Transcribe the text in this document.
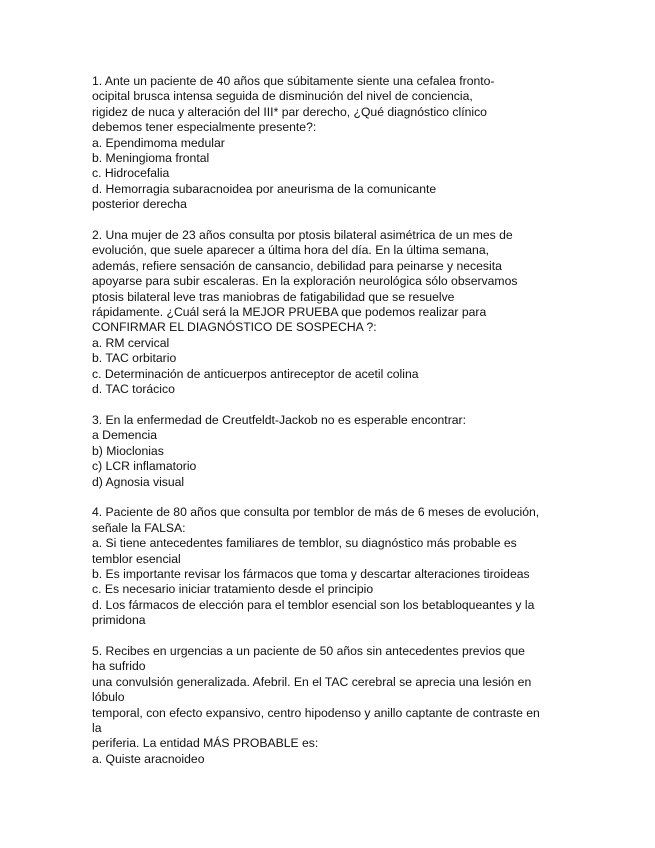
1. Ante un paciente de 40 años que súbitamente siente una cefalea fronto-
ocipital brusca intensa seguida de disminución del nivel de conciencia,
rigidez de nuca y alteración del III* par derecho, ¿Qué diagnóstico clínico
debemos tener especialmente presente?:
a. Ependimoma medular
b. Meningioma frontal
c. Hidrocefalia
d. Hemorragia subaracnoidea por aneurisma de la comunicante
posterior derecha
2. Una mujer de 23 años consulta por ptosis bilateral asimétrica de un mes de
evolución, que suele aparecer a última hora del día. En la última semana,
además, refiere sensación de cansancio, debilidad para peinarse y necesita
apoyarse para subir escaleras. En la exploración neurológica sólo observamos
ptosis bilateral leve tras maniobras de fatigabilidad que se resuelve
rápidamente. ¿Cuál será la MEJOR PRUEBA que podemos realizar para
CONFIRMAR EL DIAGNÓSTICO DE SOSPECHA ?:
a. RM cervical
b. TAC orbitario
c. Determinación de anticuerpos antireceptor de acetil colina
d. TAC torácico
3. En la enfermedad de Creutfeldt-Jackob no es esperable encontrar:
a Demencia
b) Mioclonias
c) LCR inflamatorio
d) Agnosia visual
4. Paciente de 80 años que consulta por temblor de más de 6 meses de evolución,
señale la FALSA:
a. Si tiene antecedentes familiares de temblor, su diagnóstico más probable es
temblor esencial
b. Es importante revisar los fármacos que toma y descartar alteraciones tiroideas
c. Es necesario iniciar tratamiento desde el principio
d. Los fármacos de elección para el temblor esencial son los betabloqueantes y la
primidona
5. Recibes en urgencias a un paciente de 50 años sin antecedentes previos que
ha sufrido
una convulsión generalizada. Afebril. En el TAC cerebral se aprecia una lesión en
lóbulo
temporal, con efecto expansivo, centro hipodenso y anillo captante de contraste en
la
periferia. La entidad MÁS PROBABLE es:
a. Quiste aracnoideo
